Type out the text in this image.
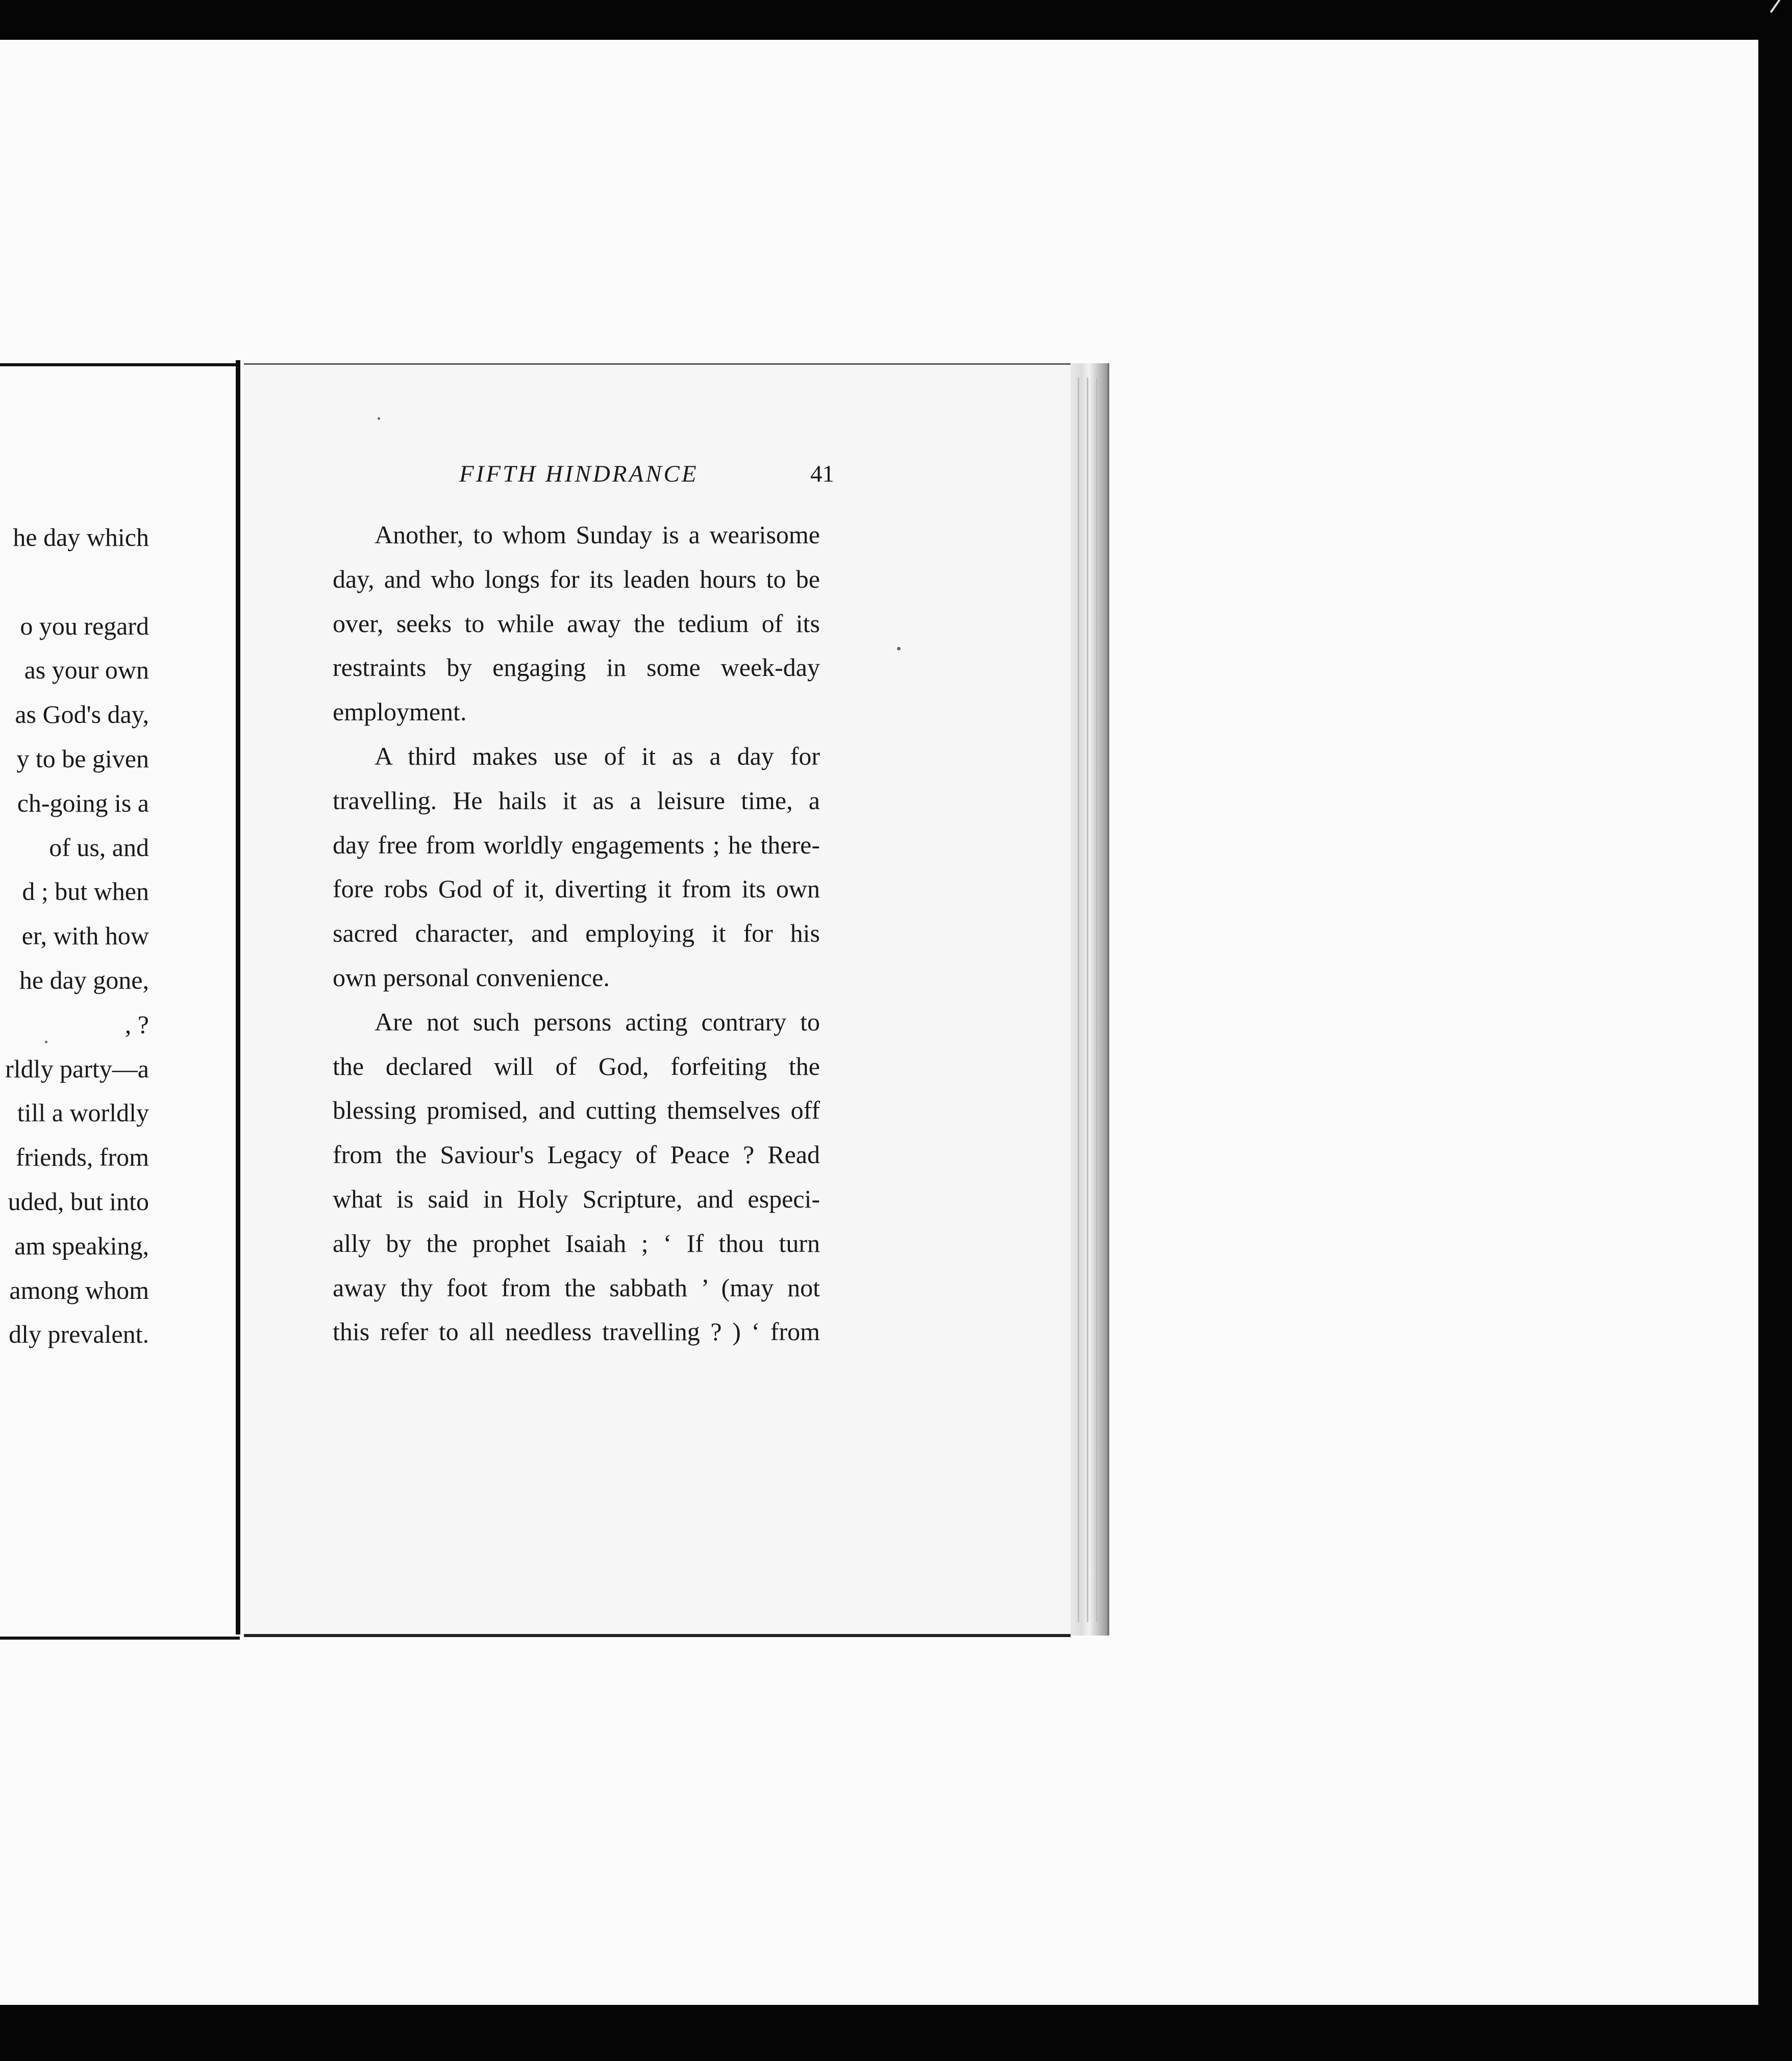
he day which
o you regard
as your own
as God's day,
y to be given
ch-going is a
of us, and
d ; but when
er, with how
he day gone,
, ?
rldly party—a
till a worldly
friends, from
uded, but into
am speaking,
among whom
dly prevalent.
FIFTH HINDRANCE	41
Another, to whom Sunday is a wearisome
day, and who longs for its leaden hours to be
over, seeks to while away the tedium of its
restraints by engaging in some week-day
employment.
A third makes use of it as a day for
travelling. He hails it as a leisure time, a
day free from worldly engagements ; he there-
fore robs God of it, diverting it from its own
sacred character, and employing it for his
own personal convenience.
Are not such persons acting contrary to
the declared will of God, forfeiting the
blessing promised, and cutting themselves off
from the Saviour's Legacy of Peace ? Read
what is said in Holy Scripture, and especi-
ally by the prophet Isaiah ; ‘ If thou turn
away thy foot from the sabbath ’ (may not
this refer to all needless travelling ? ) ‘ from
